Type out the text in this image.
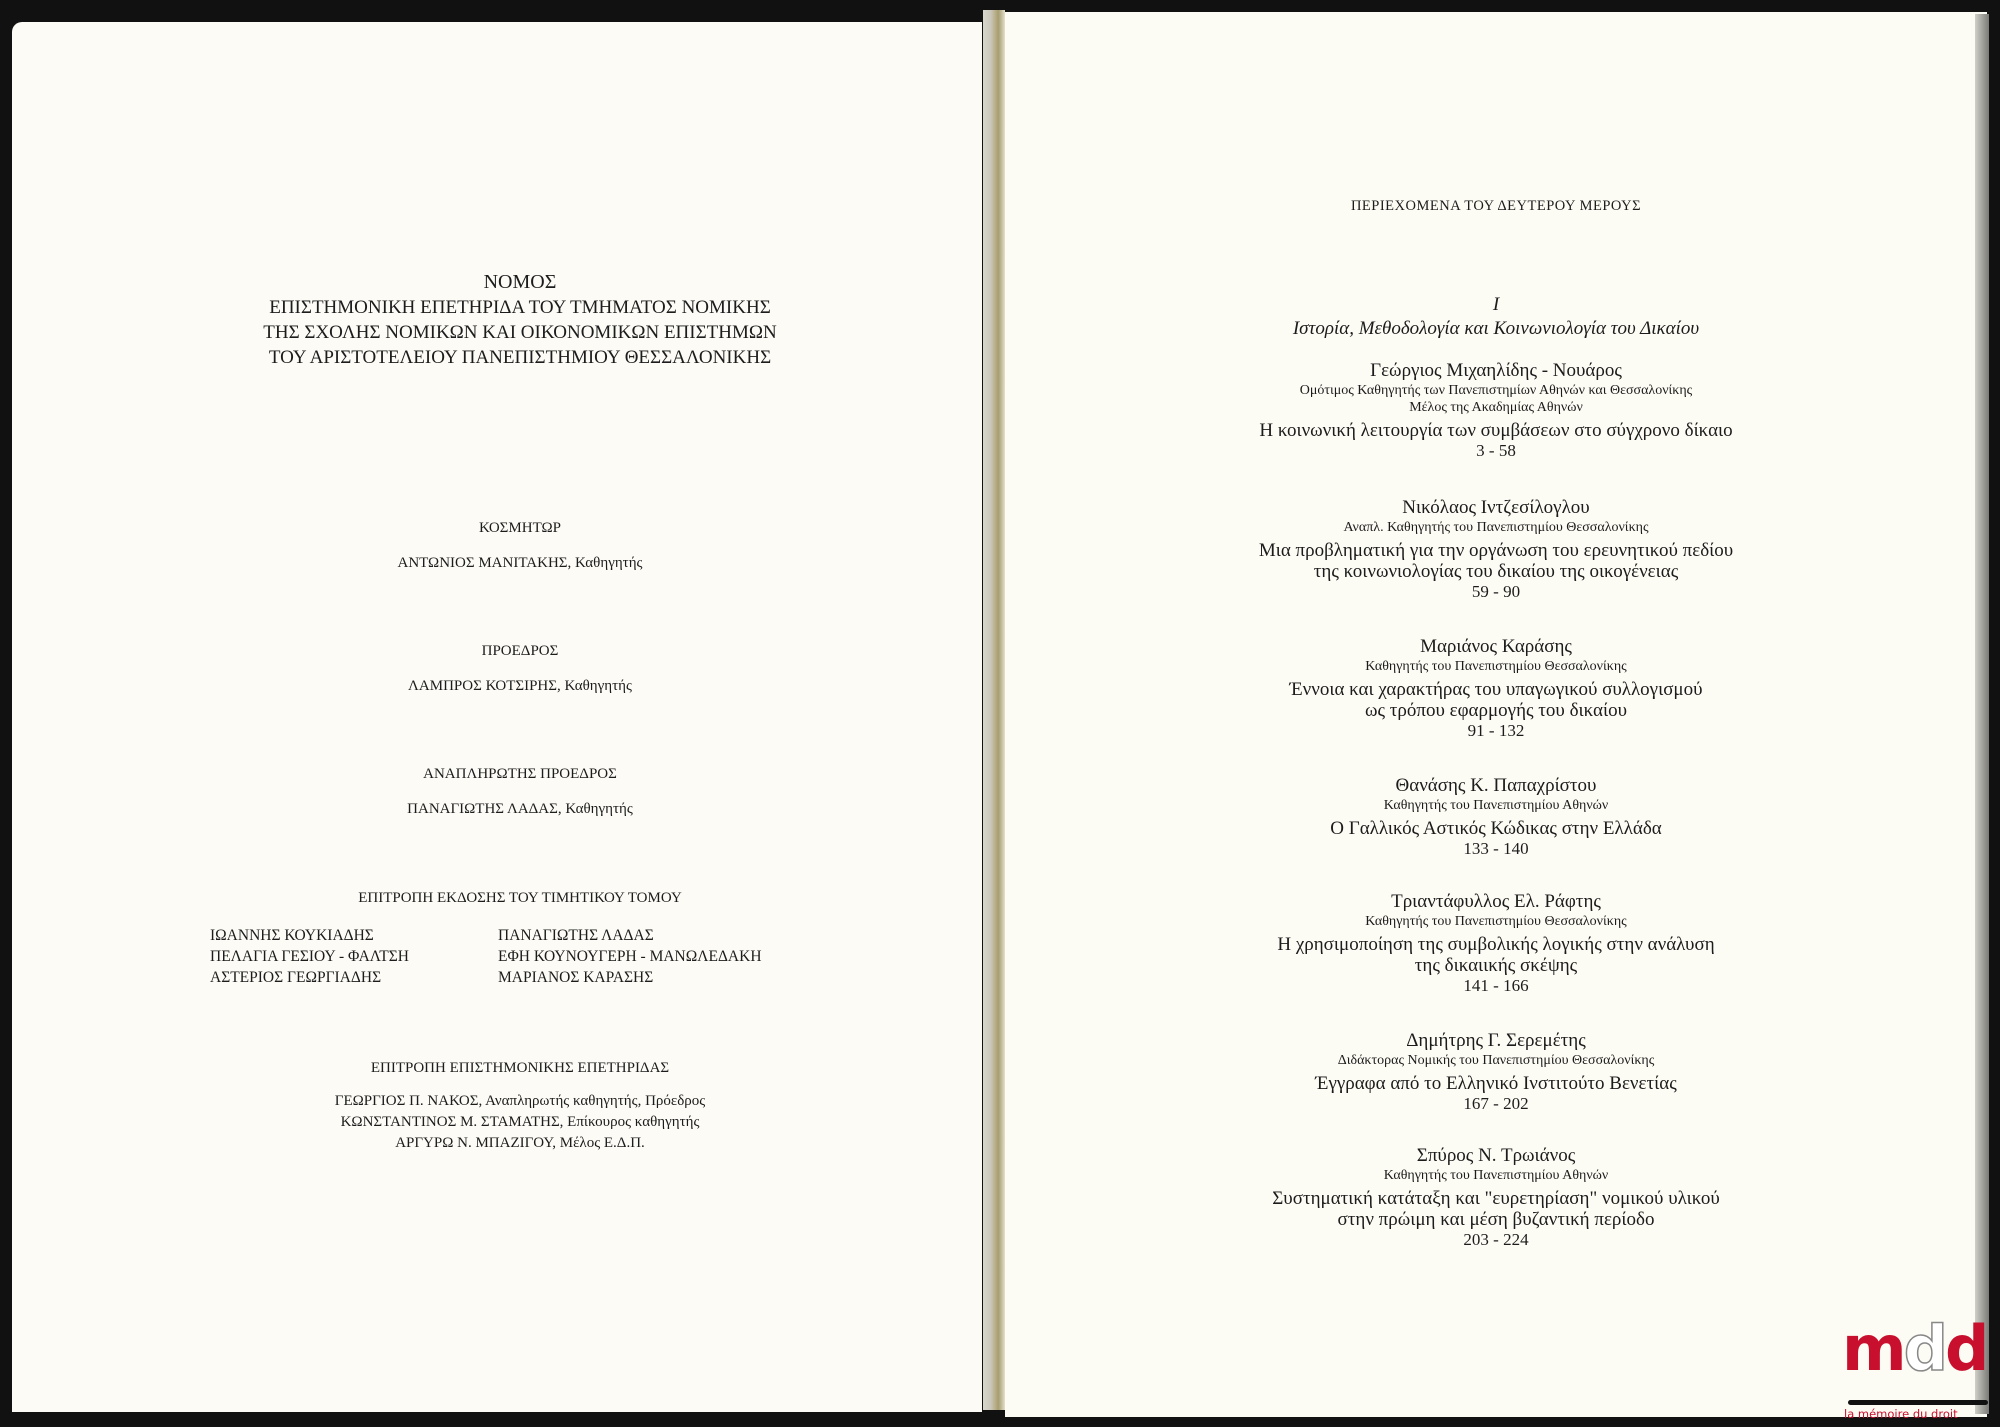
ΝΟΜΟΣ
ΕΠΙΣΤΗΜΟΝΙΚΗ ΕΠΕΤΗΡΙΔΑ ΤΟΥ ΤΜΗΜΑΤΟΣ ΝΟΜΙΚΗΣ
ΤΗΣ ΣΧΟΛΗΣ ΝΟΜΙΚΩΝ ΚΑΙ ΟΙΚΟΝΟΜΙΚΩΝ ΕΠΙΣΤΗΜΩΝ
ΤΟΥ ΑΡΙΣΤΟΤΕΛΕΙΟΥ ΠΑΝΕΠΙΣΤΗΜΙΟΥ ΘΕΣΣΑΛΟΝΙΚΗΣ
ΚΟΣΜΗΤΩΡ
ΑΝΤΩΝΙΟΣ ΜΑΝΙΤΑΚΗΣ, Καθηγητής
ΠΡΟΕΔΡΟΣ
ΛΑΜΠΡΟΣ ΚΟΤΣΙΡΗΣ, Καθηγητής
ΑΝΑΠΛΗΡΩΤΗΣ ΠΡΟΕΔΡΟΣ
ΠΑΝΑΓΙΩΤΗΣ ΛΑΔΑΣ, Καθηγητής
ΕΠΙΤΡΟΠΗ ΕΚΔΟΣΗΣ ΤΟΥ ΤΙΜΗΤΙΚΟΥ ΤΟΜΟΥ
ΙΩΑΝΝΗΣ ΚΟΥΚΙΑΔΗΣ
ΠΕΛΑΓΙΑ ΓΕΣΙΟΥ - ΦΑΛΤΣΗ
ΑΣΤΕΡΙΟΣ ΓΕΩΡΓΙΑΔΗΣ
ΠΑΝΑΓΙΩΤΗΣ ΛΑΔΑΣ
ΕΦΗ ΚΟΥΝΟΥΓΕΡΗ - ΜΑΝΩΛΕΔΑΚΗ
ΜΑΡΙΑΝΟΣ ΚΑΡΑΣΗΣ
ΕΠΙΤΡΟΠΗ ΕΠΙΣΤΗΜΟΝΙΚΗΣ ΕΠΕΤΗΡΙΔΑΣ
ΓΕΩΡΓΙΟΣ Π. ΝΑΚΟΣ, Αναπληρωτής καθηγητής, Πρόεδρος
ΚΩΝΣΤΑΝΤΙΝΟΣ Μ. ΣΤΑΜΑΤΗΣ, Επίκουρος καθηγητής
ΑΡΓΥΡΩ Ν. ΜΠΑΖΙΓΟΥ, Μέλος Ε.Δ.Π.
ΠΕΡΙΕΧΟΜΕΝΑ ΤΟΥ ΔΕΥΤΕΡΟΥ ΜΕΡΟΥΣ
I
Ιστορία, Μεθοδολογία και Κοινωνιολογία του Δικαίου
Γεώργιος Μιχαηλίδης - Νουάρος
Ομότιμος Καθηγητής των Πανεπιστημίων Αθηνών και Θεσσαλονίκης
Μέλος της Ακαδημίας Αθηνών
Η κοινωνική λειτουργία των συμβάσεων στο σύγχρονο δίκαιο
3 - 58
Νικόλαος Ιντζεσίλογλου
Αναπλ. Καθηγητής του Πανεπιστημίου Θεσσαλονίκης
Μια προβληματική για την οργάνωση του ερευνητικού πεδίου
της κοινωνιολογίας του δικαίου της οικογένειας
59 - 90
Μαριάνος Καράσης
Καθηγητής του Πανεπιστημίου Θεσσαλονίκης
Έννοια και χαρακτήρας του υπαγωγικού συλλογισμού
ως τρόπου εφαρμογής του δικαίου
91 - 132
Θανάσης Κ. Παπαχρίστου
Καθηγητής του Πανεπιστημίου Αθηνών
Ο Γαλλικός Αστικός Κώδικας στην Ελλάδα
133 - 140
Τριαντάφυλλος Ελ. Ράφτης
Καθηγητής του Πανεπιστημίου Θεσσαλονίκης
Η χρησιμοποίηση της συμβολικής λογικής στην ανάλυση
της δικαιικής σκέψης
141 - 166
Δημήτρης Γ. Σερεμέτης
Διδάκτορας Νομικής του Πανεπιστημίου Θεσσαλονίκης
Έγγραφα από το Ελληνικό Ινστιτούτο Βενετίας
167 - 202
Σπύρος Ν. Τρωιάνος
Καθηγητής του Πανεπιστημίου Αθηνών
Συστηματική κατάταξη και "ευρετηρίαση" νομικού υλικού
στην πρώιμη και μέση βυζαντική περίοδο
203 - 224
mdd
la mémoire du droit
